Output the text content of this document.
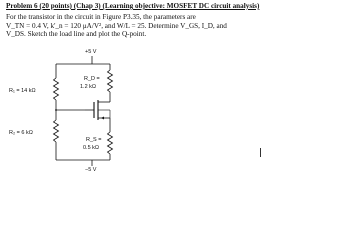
Problem 6 (20 points) (Chap 3) (Learning objective: MOSFET DC circuit analysis)
For the transistor in the circuit in Figure P3.35, the parameters are
V_TN = 0.4 V, k'_n = 120 μA/V², and W/L = 25. Determine V_GS, I_D, and
V_DS. Sketch the load line and plot the Q-point.
+5 V
R₁ = 14 kΩ
R₂ = 6 kΩ
−5 V
R_D =
1.2 kΩ
R_S =
0.5 kΩ
